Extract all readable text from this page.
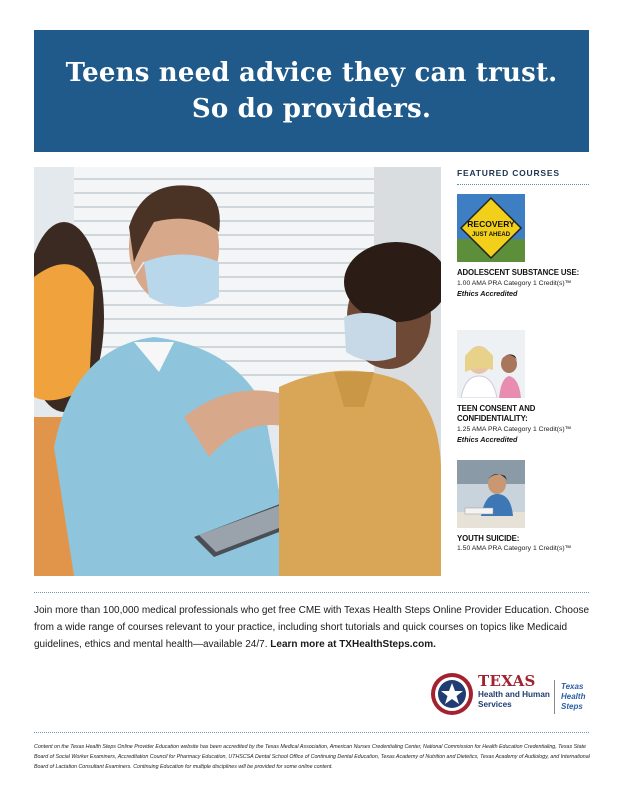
Teens need advice they can trust.
So do providers.
FEATURED COURSES
RECOVERY
JUST AHEAD
ADOLESCENT SUBSTANCE USE:
1.00 AMA PRA Category 1 Credit(s)™
Ethics Accredited
TEEN CONSENT AND CONFIDENTIALITY:
1.25 AMA PRA Category 1 Credit(s)™
Ethics Accredited
YOUTH SUICIDE:
1.50 AMA PRA Category 1 Credit(s)™
Join more than 100,000 medical professionals who get free CME with Texas Health Steps Online Provider Education. Choose from a wide range of courses relevant to your practice, including short tutorials and quick courses on topics like Medicaid guidelines, ethics and mental health—available 24/7. Learn more at TXHealthSteps.com.
TEXAS
Health and Human Services
Texas Health Steps
Content on the Texas Health Steps Online Provider Education website has been accredited by the Texas Medical Association, American Nurses Credentialing Center, National Commission for Health Education Credentialing, Texas State Board of Social Worker Examiners, Accreditation Council for Pharmacy Education, UTHSCSA Dental School Office of Continuing Dental Education, Texas Academy of Nutrition and Dietetics, Texas Academy of Audiology, and International Board of Lactation Consultant Examiners. Continuing Education for multiple disciplines will be provided for some online content.
